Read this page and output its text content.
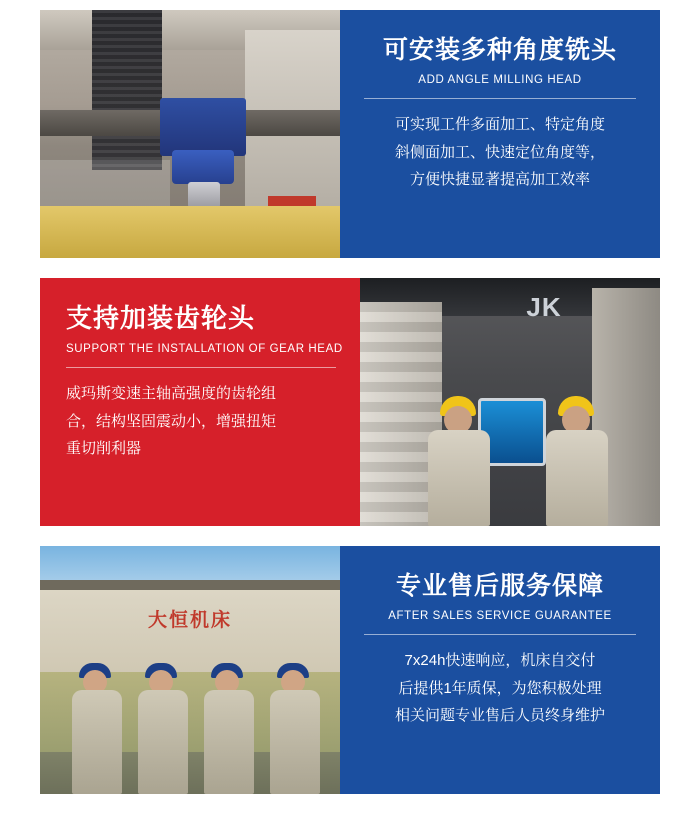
可安装多种角度铣头
ADD ANGLE MILLING HEAD
可实现工件多面加工、特定角度
斜侧面加工、快速定位角度等，
方便快捷显著提高加工效率
支持加装齿轮头
SUPPORT THE INSTALLATION OF GEAR HEAD
威玛斯变速主轴高强度的齿轮组
合，结构坚固震动小，增强扭矩
重切削利器
JK
大恒机床
专业售后服务保障
AFTER SALES SERVICE GUARANTEE
7x24h快速响应，机床自交付
后提供1年质保，为您积极处理
相关问题专业售后人员终身维护
